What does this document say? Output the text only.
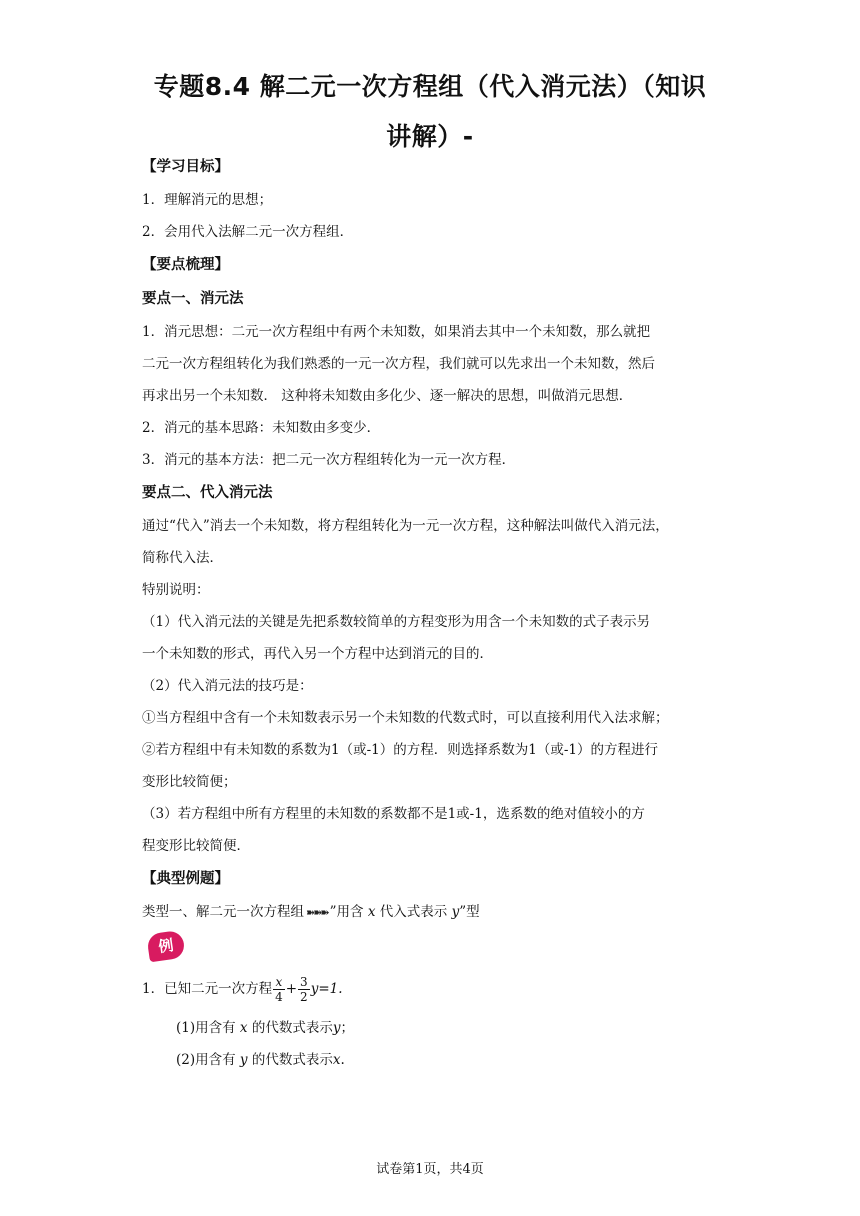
专题8.4 解二元一次方程组（代入消元法）（知识
讲解）-
【学习目标】
1．理解消元的思想；
2．会用代入法解二元一次方程组．
【要点梳理】
要点一、消元法
1．消元思想：二元一次方程组中有两个未知数，如果消去其中一个未知数，那么就把
二元一次方程组转化为我们熟悉的一元一次方程，我们就可以先求出一个未知数，然后
再求出另一个未知数． 这种将未知数由多化少、逐一解决的思想，叫做消元思想．
2．消元的基本思路：未知数由多变少．
3．消元的基本方法：把二元一次方程组转化为一元一次方程．
要点二、代入消元法
通过“代入”消去一个未知数，将方程组转化为一元一次方程，这种解法叫做代入消元法，
简称代入法．
特别说明：
（1）代入消元法的关键是先把系数较简单的方程变形为用含一个未知数的式子表示另
一个未知数的形式，再代入另一个方程中达到消元的目的．
（2）代入消元法的技巧是：
①当方程组中含有一个未知数表示另一个未知数的代数式时，可以直接利用代入法求解；
②若方程组中有未知数的系数为1（或-1）的方程．则选择系数为1（或-1）的方程进行
变形比较简便；
（3）若方程组中所有方程里的未知数的系数都不是1或-1，选系数的绝对值较小的方
程变形比较简便．
【典型例题】
类型一、解二元一次方程组 ➽➽➽ ”用含 x 代入式表示 y”型
例
1．已知二元一次方程 $\frac{x}{4} + \frac{3}{2} y=1$.
(1)用含有 x 的代数式表示y；
(2)用含有 y 的代数式表示x.
试卷第1页，共4页
